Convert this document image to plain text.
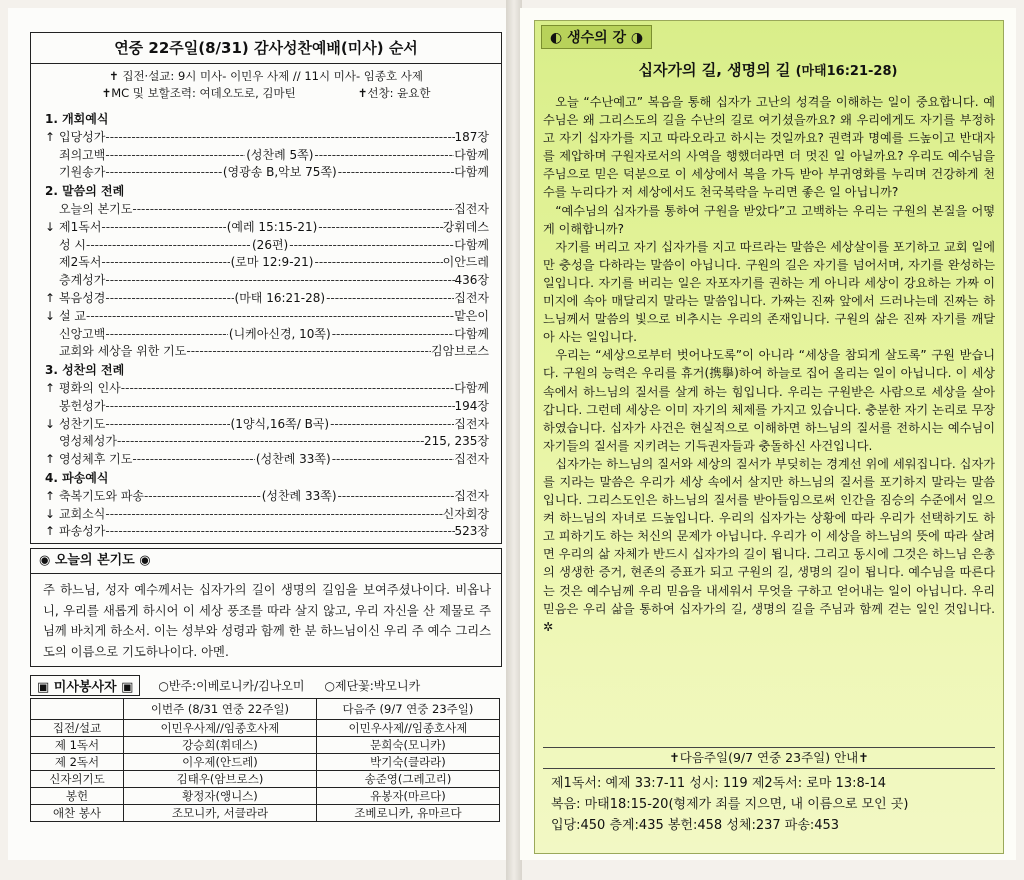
연중 22주일(8/31) 감사성찬예배(미사) 순서
✝ 집전·설교: 9시 미사- 이민우 사제 // 11시 미사- 임종호 사제
✝MC 및 보할조력: 여데오도로, 김마틴	✝선창: 윤요한
1. 개회예식
↑ 입당성가 -----	187장
죄의고백 -----	(성찬례 5쪽) -----	다함께
기원송가 -----	(영광송 B,악보 75쪽) -----	다함께
2. 말씀의 전례
오늘의 본기도 -----	집전자
↓ 제1독서 -----	(예레 15:15-21) -----	강휘데스
성 시 -----	(26편) -----	다함께
제2독서 -----	(로마 12:9-21) -----	이안드레
층계성가 -----	436장
↑ 복음성경 -----	(마태 16:21-28) -----	집전자
↓ 설 교 -----	맡은이
신앙고백 -----	(니케아신경, 10쪽) -----	다함께
교회와 세상을 위한 기도 -----	김암브로스
3. 성찬의 전례
↑ 평화의 인사 -----	다함께
봉헌성가 -----	194장
↓ 성찬기도 -----	(1양식,16쪽/ B곡) -----	집전자
영성체성가 -----	215, 235장
↑ 영성체후 기도 -----	(성찬례 33쪽) -----	집전자
4. 파송예식
↑ 축복기도와 파송 -----	(성찬례 33쪽) -----	집전자
↓ 교회소식 -----	신자회장
↑ 파송성가 -----	523장
◉ 오늘의 본기도 ◉
주 하느님, 성자 예수께서는 십자가의 길이 생명의 길임을 보여주셨나이다. 비옵나니, 우리를 새롭게 하시어 이 세상 풍조를 따라 살지 않고, 우리 자신을 산 제물로 주님께 바치게 하소서. 이는 성부와 성령과 함께 한 분 하느님이신 우리 주 예수 그리스도의 이름으로 기도하나이다. 아멘.
▣ 미사봉사자 ▣	○반주:이베로니카/김나오미 ○제단꽃:박모니카
	이번주 (8/31 연중 22주일)	다음주 (9/7 연중 23주일)
집전/설교	이민우사제//임종호사제	이민우사제//임종호사제
제 1독서	강승희(휘데스)	문희숙(모니카)
제 2독서	이우제(안드레)	박기숙(클라라)
신자의기도	김태우(암브로스)	송준영(그레고리)
봉헌	황정자(앵니스)	유봉자(마르다)
애찬 봉사	조모니카, 서클라라	조베로니카, 유마르다
◐ 생수의 강 ◑
십자가의 길, 생명의 길 (마태16:21-28)

오늘 “수난예고” 복음을 통해 십자가 고난의 성격을 이해하는 일이 중요합니다. 예수님은 왜 그리스도의 길을 수난의 길로 여기셨을까요? 왜 우리에게도 자기를 부정하고 자기 십자가를 지고 따라오라고 하시는 것일까요? 권력과 명예를 드높이고 반대자를 제압하며 구원자로서의 사역을 행했더라면 더 멋진 일 아닐까요? 우리도 예수님을 주님으로 믿은 덕분으로 이 세상에서 복을 가득 받아 부귀영화를 누리며 건강하게 천수를 누리다가 저 세상에서도 천국복락을 누리면 좋은 일 아닙니까?

“예수님의 십자가를 통하여 구원을 받았다”고 고백하는 우리는 구원의 본질을 어떻게 이해합니까?

자기를 버리고 자기 십자가를 지고 따르라는 말씀은 세상살이를 포기하고 교회 일에만 충성을 다하라는 말씀이 아닙니다. 구원의 길은 자기를 넘어서며, 자기를 완성하는 일입니다. 자기를 버리는 일은 자포자기를 권하는 게 아니라 세상이 강요하는 가짜 이미지에 속아 매달리지 말라는 말씀입니다. 가짜는 진짜 앞에서 드러나는데 진짜는 하느님께서 말씀의 빛으로 비추시는 우리의 존재입니다. 구원의 삶은 진짜 자기를 깨달아 사는 일입니다.

우리는 “세상으로부터 벗어나도록”이 아니라 “세상을 참되게 살도록” 구원 받습니다. 구원의 능력은 우리를 휴거(携擧)하여 하늘로 집어 올리는 일이 아닙니다. 이 세상 속에서 하느님의 질서를 살게 하는 힘입니다. 우리는 구원받은 사람으로 세상을 살아갑니다. 그런데 세상은 이미 자기의 체제를 가지고 있습니다. 충분한 자기 논리로 무장하였습니다. 십자가 사건은 현실적으로 이해하면 하느님의 질서를 전하시는 예수님이 자기들의 질서를 지키려는 기득권자들과 충돌하신 사건입니다.

십자가는 하느님의 질서와 세상의 질서가 부딪히는 경계선 위에 세워집니다. 십자가를 지라는 말씀은 우리가 세상 속에서 살지만 하느님의 질서를 포기하지 말라는 말씀입니다. 그리스도인은 하느님의 질서를 받아들임으로써 인간을 짐승의 수준에서 일으켜 하느님의 자녀로 드높입니다. 우리의 십자가는 상황에 따라 우리가 선택하기도 하고 피하기도 하는 처신의 문제가 아닙니다. 우리가 이 세상을 하느님의 뜻에 따라 살려면 우리의 삶 자체가 반드시 십자가의 길이 됩니다. 그리고 동시에 그것은 하느님 은총의 생생한 증거, 현존의 증표가 되고 구원의 길, 생명의 길이 됩니다. 예수님을 따른다는 것은 예수님께 우리 믿음을 내세워서 무엇을 구하고 얻어내는 일이 아닙니다. 우리 믿음은 우리 삶을 통하여 십자가의 길, 생명의 길을 주님과 함께 걷는 일인 것입니다. ✲

✝다음주일(9/7 연중 23주일) 안내✝
제1독서: 예제 33:7-11 성시: 119 제2독서: 로마 13:8-14
복음: 마태18:15-20(형제가 죄를 지으면, 내 이름으로 모인 곳)
입당:450 층계:435 봉헌:458 성체:237 파송:453
